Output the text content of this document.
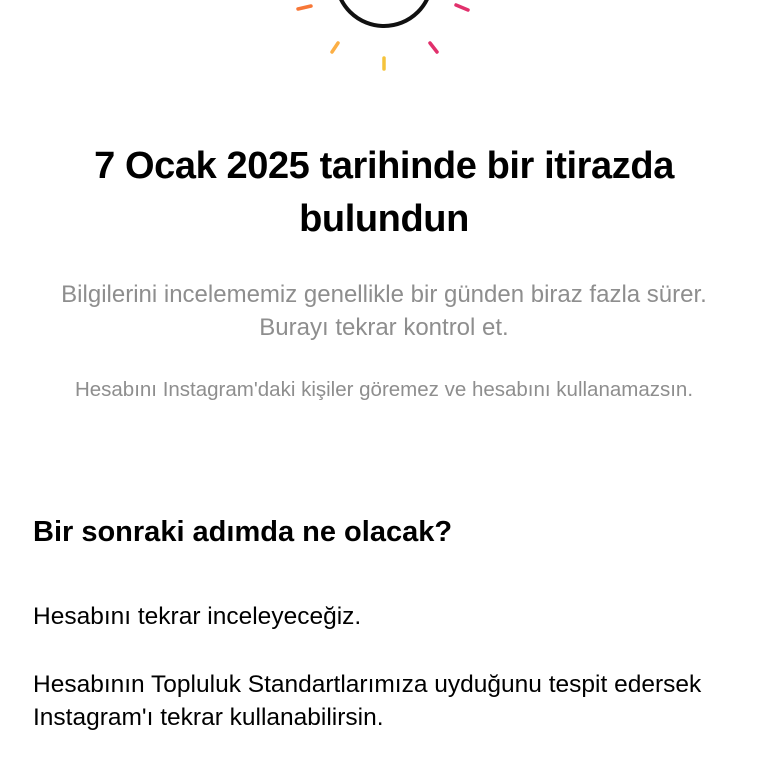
7 Ocak 2025 tarihinde bir itirazda bulundun

Bilgilerini incelememiz genellikle bir günden biraz fazla sürer. Burayı tekrar kontrol et.

Hesabını Instagram'daki kişiler göremez ve hesabını kullanamazsın.

Bir sonraki adımda ne olacak?

Hesabını tekrar inceleyeceğiz.

Hesabının Topluluk Standartlarımıza uyduğunu tespit edersek Instagram'ı tekrar kullanabilirsin.
